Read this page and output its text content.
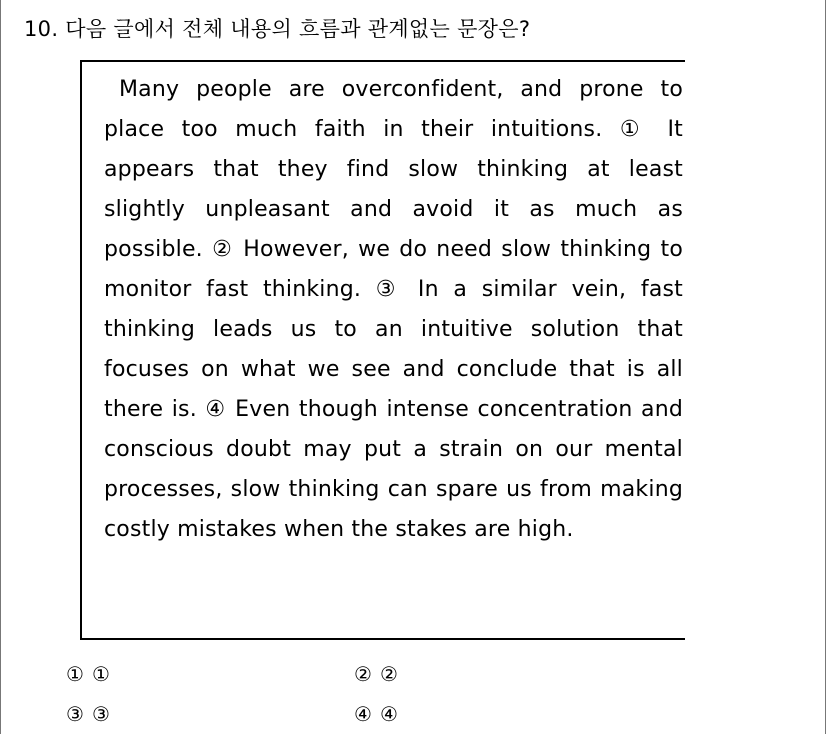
10. 다음 글에서 전체 내용의 흐름과 관계없는 문장은?

Many people are overconfident, and prone to place too much faith in their intuitions. ① It appears that they find slow thinking at least slightly unpleasant and avoid it as much as possible. ② However, we do need slow thinking to monitor fast thinking. ③ In a similar vein, fast thinking leads us to an intuitive solution that focuses on what we see and conclude that is all there is. ④ Even though intense concentration and conscious doubt may put a strain on our mental processes, slow thinking can spare us from making costly mistakes when the stakes are high.

① ①	② ②
③ ③	④ ④
